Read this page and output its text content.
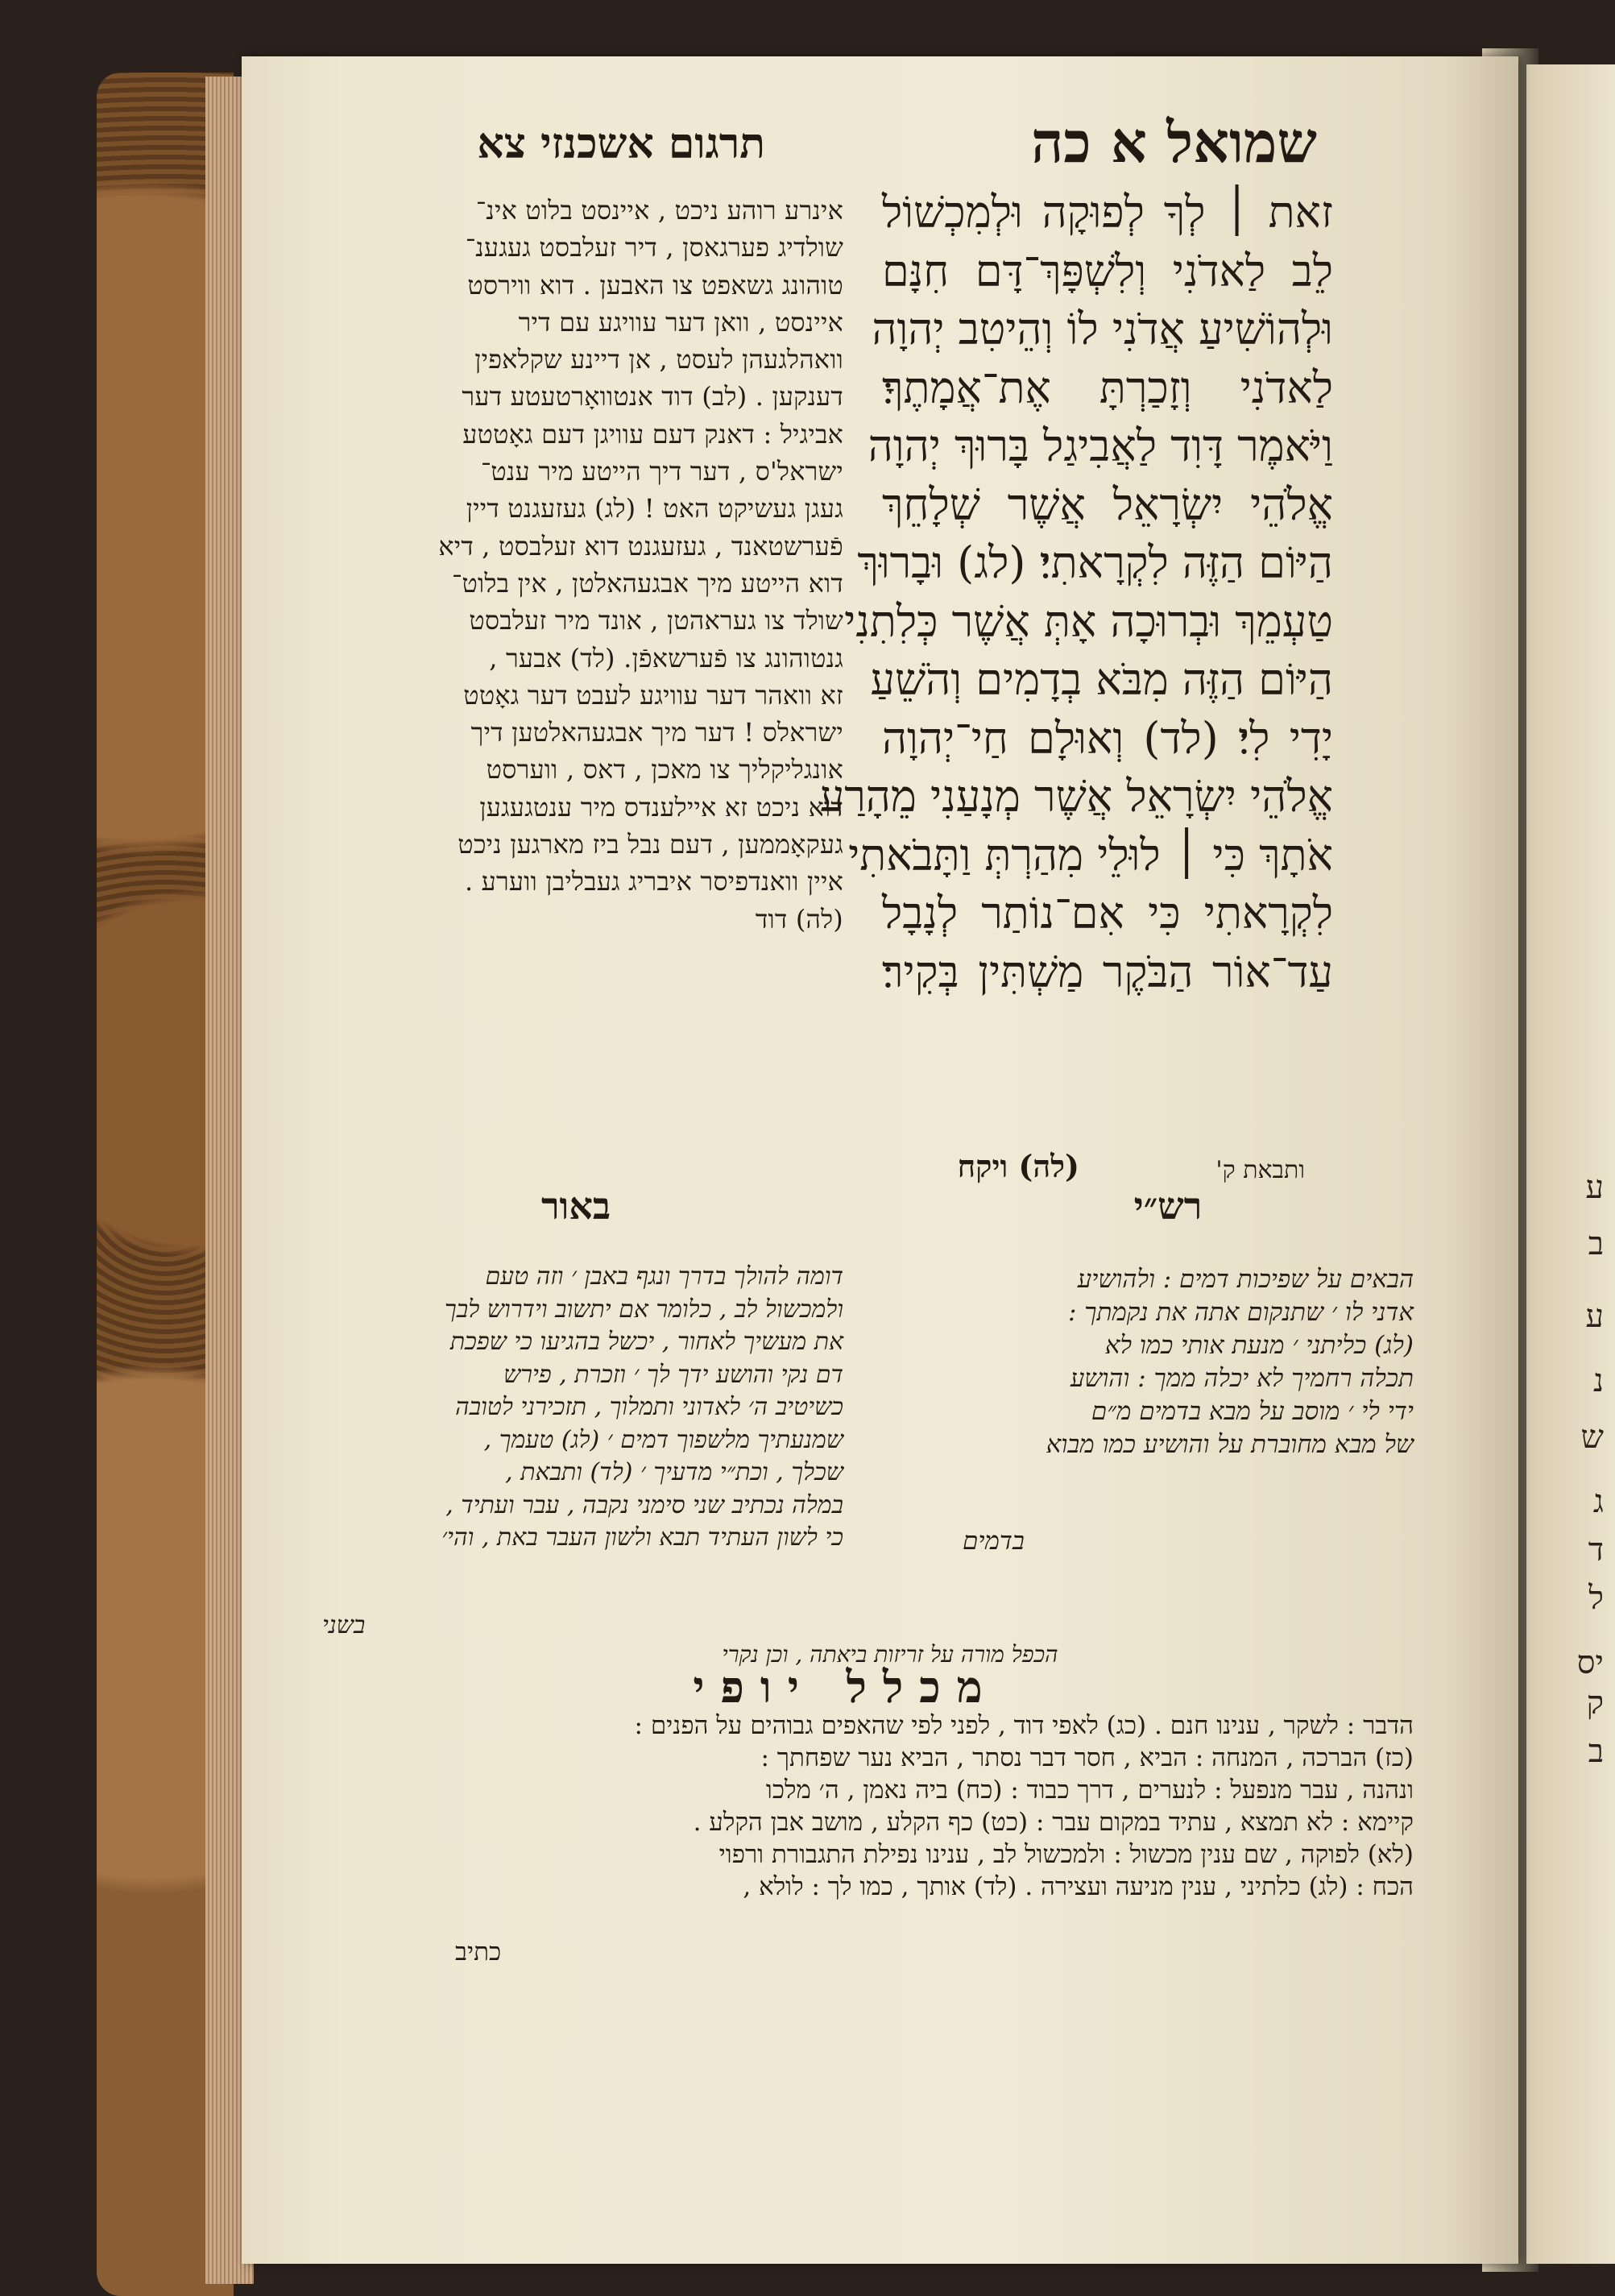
ע
ב
ע
נ
ש
ג
ד
ל
יס
ק
ב
שמואל א כה
תרגום אשכנזי צא
זאת ׀ לְךָ לְפוּקָה וּלְמִכְשׁוֹל
לֵב לַאדֹנִי וְלִשְׁפָּךְ־דָּם חִנָּם
וּלְהוֹשִׁיעַ אֲדֹנִי לוֹ וְהֵיטִב יְהוָה
לַאדֹנִי וְזָכַרְתָּ אֶת־אֲמָתֶךָ׃
וַיֹּאמֶר דָּוִד לַאֲבִיגַל בָּרוּךְ יְהוָה
אֱלֹהֵי יִשְׂרָאֵל אֲשֶׁר שְׁלָחֵךְ
הַיּוֹם הַזֶּה לִקְרָאתִי׃ (לג) וּבָרוּךְ
טַעְמֵךְ וּבְרוּכָה אָתְּ אֲשֶׁר כְּלִתִנִי
הַיּוֹם הַזֶּה מִבֹּא בְדָמִים וְהֹשֵׁעַ
יָדִי לִי׃ (לד) וְאוּלָם חַי־יְהוָה
אֱלֹהֵי יִשְׂרָאֵל אֲשֶׁר מְנָעַנִי מֵהָרַע
אֹתָךְ כִּי ׀ לוּלֵי מִהַרְתְּ וַתָּבֹאתִי
לִקְרָאתִי כִּי אִם־נוֹתַר לְנָבָל
עַד־אוֹר הַבֹּקֶר מַשְׁתִּין בְּקִיר׃
אינרע רוהע ניכט , איינסט בלוט אינ־
שולדיג פערגאסן , דיר זעלבסט געגענ־
טוהונג גשאפט צו האבען . דוא ווירסט
איינסט , וואן דער עוויגע עם דיר
וואהלגעהן לעסט , אן דיינע שקלאפין
דענקען . (לב) דוד אנטוואָרטעטע דער
אביגיל : דאנק דעם עוויגן דעם גאָטטע
ישראל'ס , דער דיך הייטע מיר ענט־
געגן געשיקט האט ! (לג) געזעגנט דיין
פֿערשטאנד , געזעגנט דוא זעלבסט , דיא
דוא הייטע מיך אבגעהאלטן , אין בלוט־
שולד צו געראהטן , אונד מיר זעלבסט
גנטוהונג צו פֿערשאפֿן. (לד) אבער ,
זא וואהר דער עוויגע לעבט דער גאָטט
ישראלס ! דער מיך אבגעהאלטען דיך
אונגליקליך צו מאכן , דאס , ווערסט
דוא ניכט זא איילענדס מיר ענטגעגען
געקאָממען , דעם נבל ביז מארגען ניכט
איין וואנדפיסר איבריג געבליבן ווערע .
(לה) דוד
(לה) ויקח	ותבאת ק'
באור	רש״י
דומה להולך בדרך ונגף באבן ׳ וזה טעם
ולמכשול לב , כלומר אם יתשוב וידרוש לבך
את מעשיך לאחור , יכשל בהגיעו כי שפכת
דם נקי והושע ידך לך ׳ וזכרת , פירש
כשיטיב ה׳ לאדוני ותמלוך , תזכירני לטובה
שמנעתיך מלשפוך דמים ׳ (לג) טעמך ,
שכלך , וכת״י מדעיך ׳ (לד) ותבאת ,
במלה נכתיב שני סימני נקבה , עבר ועתיד ,
כי לשון העתיד תבא ולשון העבר באת , והי׳
בשני
הכפל מורה על זריזות ביאתה , וכן נקרי
הבאים על שפיכות דמים : ולהושיע
אדני לו ׳ שתנקום אתה את נקמתך :
(לג) כליתני ׳ מנעת אותי כמו לא
תכלה רחמיך לא יכלה ממך : והושע
ידי לי ׳ מוסב על מבא בדמים מ״ם
של מבא מחוברת על והושיע כמו מבוא
בדמים
מכלל יופי
הדבר : לשקר , ענינו חנם . (כג) לאפי דוד , לפני לפי שהאפים גבוהים על הפנים :
(כז) הברכה , המנחה : הביא , חסר דבר נסתר , הביא נער שפחתך :
ונהנה , עבר מנפעל : לנערים , דרך כבוד : (כח) ביה נאמן , ה׳ מלכו
קיימא : לא תמצא , עתיד במקום עבר : (כט) כף הקלע , מושב אבן הקלע .
(לא) לפוקה , שם ענין מכשול : ולמכשול לב , ענינו נפילת התגבורת ורפוי
הכח : (לג) כלתיני , ענין מניעה ועצירה . (לד) אותך , כמו לך : לולא ,
כתיב
